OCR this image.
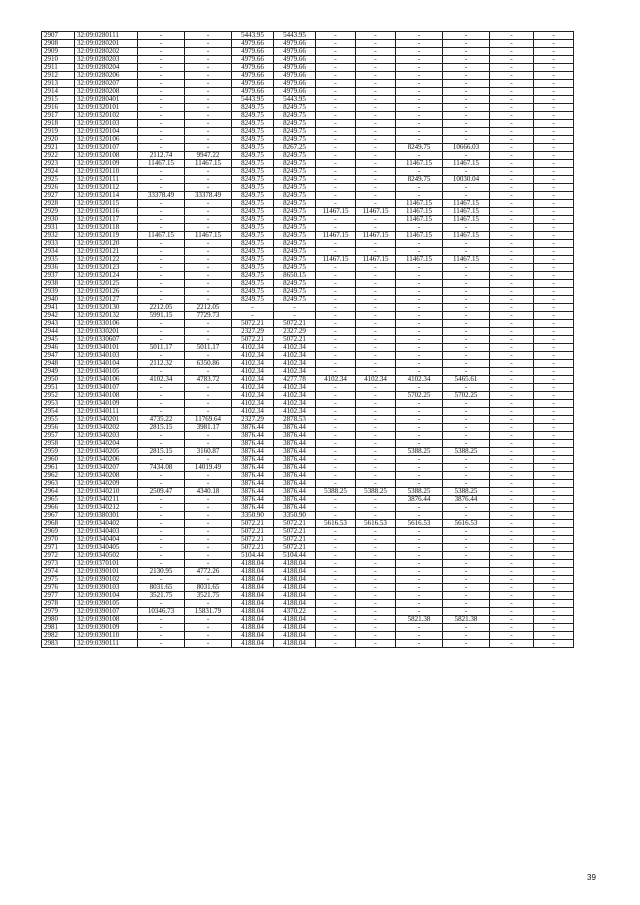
2907	32:09:0280111	-	-	5443.95	5443.95	-	-	-	-	-	-
2908	32:09:0280201	-	-	4979.66	4979.66	-	-	-	-	-	-
2909	32:09:0280202	-	-	4979.66	4979.66	-	-	-	-	-	-
2910	32:09:0280203	-	-	4979.66	4979.66	-	-	-	-	-	-
2911	32:09:0280204	-	-	4979.66	4979.66	-	-	-	-	-	-
2912	32:09:0280206	-	-	4979.66	4979.66	-	-	-	-	-	-
2913	32:09:0280207	-	-	4979.66	4979.66	-	-	-	-	-	-
2914	32:09:0280208	-	-	4979.66	4979.66	-	-	-	-	-	-
2915	32:09:0280401	-	-	5443.95	5443.95	-	-	-	-	-	-
2916	32:09:0320101	-	-	8249.75	8249.75	-	-	-	-	-	-
2917	32:09:0320102	-	-	8249.75	8249.75	-	-	-	-	-	-
2918	32:09:0320103	-	-	8249.75	8249.75	-	-	-	-	-	-
2919	32:09:0320104	-	-	8249.75	8249.75	-	-	-	-	-	-
2920	32:09:0320106	-	-	8249.75	8249.75	-	-	-	-	-	-
2921	32:09:0320107	-	-	8249.75	8267.25	-	-	8249.75	10666.03	-	-
2922	32:09:0320108	2112.74	9947.22	8249.75	8249.75	-	-	-	-	-	-
2923	32:09:0320109	11467.15	11467.15	8249.75	8249.75	-	-	11467.15	11467.15	-	-
2924	32:09:0320110	-	-	8249.75	8249.75	-	-	-	-	-	-
2925	32:09:0320111	-	-	8249.75	8249.75	-	-	8249.75	10030.04	-	-
2926	32:09:0320112	-	-	8249.75	8249.75	-	-	-	-	-	-
2927	32:09:0320114	33378.49	33378.49	8249.75	8249.75	-	-	-	-	-	-
2928	32:09:0320115	-	-	8249.75	8249.75	-	-	11467.15	11467.15	-	-
2929	32:09:0320116	-	-	8249.75	8249.75	11467.15	11467.15	11467.15	11467.15	-	-
2930	32:09:0320117	-	-	8249.75	8249.75	-	-	11467.15	11467.15	-	-
2931	32:09:0320118	-	-	8249.75	8249.75	-	-	-	-	-	-
2932	32:09:0320119	11467.15	11467.15	8249.75	8249.75	11467.15	11467.15	11467.15	11467.15	-	-
2933	32:09:0320120	-	-	8249.75	8249.75	-	-	-	-	-	-
2934	32:09:0320121	-	-	8249.75	8249.75	-	-	-	-	-	-
2935	32:09:0320122	-	-	8249.75	8249.75	11467.15	11467.15	11467.15	11467.15	-	-
2936	32:09:0320123	-	-	8249.75	8249.75	-	-	-	-	-	-
2937	32:09:0320124	-	-	8249.75	8650.15	-	-	-	-	-	-
2938	32:09:0320125	-	-	8249.75	8249.75	-	-	-	-	-	-
2939	32:09:0320126	-	-	8249.75	8249.75	-	-	-	-	-	-
2940	32:09:0320127	-	-	8249.75	8249.75	-	-	-	-	-	-
2941	32:09:0320130	2212.05	2212.05	-	-	-	-	-	-	-	-
2942	32:09:0320132	5991.15	7729.73	-	-	-	-	-	-	-	-
2943	32:09:0330106	-	-	5072.21	5072.21	-	-	-	-	-	-
2944	32:09:0330201	-	-	2327.29	2327.29	-	-	-	-	-	-
2945	32:09:0330607	-	-	5072.21	5072.21	-	-	-	-	-	-
2946	32:09:0340101	5011.17	5011.17	4102.34	4102.34	-	-	-	-	-	-
2947	32:09:0340103	-	-	4102.34	4102.34	-	-	-	-	-	-
2948	32:09:0340104	2112.32	6350.86	4102.34	4102.34	-	-	-	-	-	-
2949	32:09:0340105	-	-	4102.34	4102.34	-	-	-	-	-	-
2950	32:09:0340106	4102.34	4783.72	4102.34	4277.78	4102.34	4102.34	4102.34	5465.61	-	-
2951	32:09:0340107	-	-	4102.34	4102.34	-	-	-	-	-	-
2952	32:09:0340108	-	-	4102.34	4102.34	-	-	5702.25	5702.25	-	-
2953	32:09:0340109	-	-	4102.34	4102.34	-	-	-	-	-	-
2954	32:09:0340111	-	-	4102.34	4102.34	-	-	-	-	-	-
2955	32:09:0340201	4735.22	11769.64	2327.29	2878.53	-	-	-	-	-	-
2956	32:09:0340202	2815.15	3981.17	3876.44	3876.44	-	-	-	-	-	-
2957	32:09:0340203	-	-	3876.44	3876.44	-	-	-	-	-	-
2958	32:09:0340204	-	-	3876.44	3876.44	-	-	-	-	-	-
2959	32:09:0340205	2815.15	3160.87	3876.44	3876.44	-	-	5388.25	5388.25	-	-
2960	32:09:0340206	-	-	3876.44	3876.44	-	-	-	-	-	-
2961	32:09:0340207	7434.08	14019.49	3876.44	3876.44	-	-	-	-	-	-
2962	32:09:0340208	-	-	3876.44	3876.44	-	-	-	-	-	-
2963	32:09:0340209	-	-	3876.44	3876.44	-	-	-	-	-	-
2964	32:09:0340210	2509.47	4340.18	3876.44	3876.44	5388.25	5388.25	5388.25	5388.25	-	-
2965	32:09:0340211	-	-	3876.44	3876.44	-	-	3876.44	3876.44	-	-
2966	32:09:0340212	-	-	3876.44	3876.44	-	-	-	-	-	-
2967	32:09:0380301	-	-	3350.90	3350.90	-	-	-	-	-	-
2968	32:09:0340402	-	-	5072.21	5072.21	5616.53	5616.53	5616.53	5616.53	-	-
2969	32:09:0340403	-	-	5072.21	5072.21	-	-	-	-	-	-
2970	32:09:0340404	-	-	5072.21	5072.21	-	-	-	-	-	-
2971	32:09:0340405	-	-	5072.21	5072.21	-	-	-	-	-	-
2972	32:09:0340502	-	-	5104.44	5104.44	-	-	-	-	-	-
2973	32:09:0370101	-	-	4188.04	4188.04	-	-	-	-	-	-
2974	32:09:0390101	2130.95	4772.26	4188.04	4188.04	-	-	-	-	-	-
2975	32:09:0390102	-	-	4188.04	4188.04	-	-	-	-	-	-
2976	32:09:0390103	8031.65	8031.65	4188.04	4188.04	-	-	-	-	-	-
2977	32:09:0390104	3521.75	3521.75	4188.04	4188.04	-	-	-	-	-	-
2978	32:09:0390105	-	-	4188.04	4188.04	-	-	-	-	-	-
2979	32:09:0390107	10346.73	15831.79	4188.04	4370.22	-	-	-	-	-	-
2980	32:09:0390108	-	-	4188.04	4188.04	-	-	5821.38	5821.38	-	-
2981	32:09:0390109	-	-	4188.04	4188.04	-	-	-	-	-	-
2982	32:09:0390110	-	-	4188.04	4188.04	-	-	-	-	-	-
2983	32:09:0390111	-	-	4188.04	4188.04	-	-	-	-	-	-
39
